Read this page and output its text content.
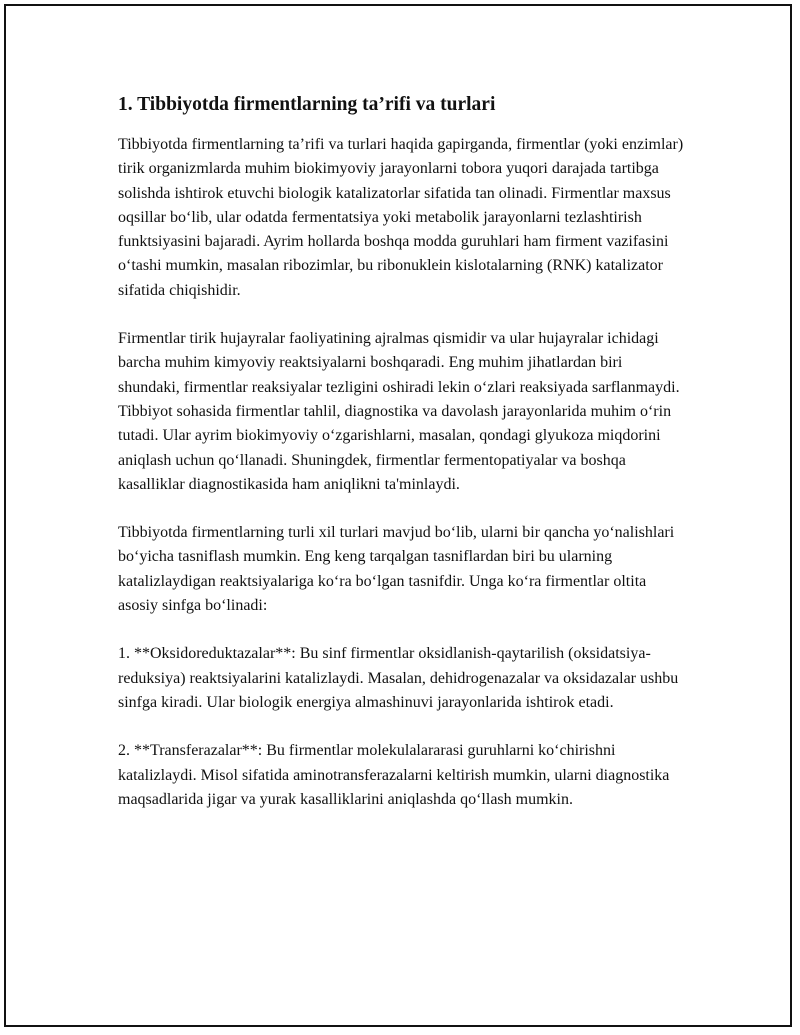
1. Tibbiyotda firmentlarning ta’rifi va turlari

Tibbiyotda firmentlarning ta’rifi va turlari haqida gapirganda, firmentlar (yoki enzimlar) tirik organizmlarda muhim biokimyoviy jarayonlarni tobora yuqori darajada tartibga solishda ishtirok etuvchi biologik katalizatorlar sifatida tan olinadi. Firmentlar maxsus oqsillar bo‘lib, ular odatda fermentatsiya yoki metabolik jarayonlarni tezlashtirish funktsiyasini bajaradi. Ayrim hollarda boshqa modda guruhlari ham firment vazifasini o‘tashi mumkin, masalan ribozimlar, bu ribonuklein kislotalarning (RNK) katalizator sifatida chiqishidir.

Firmentlar tirik hujayralar faoliyatining ajralmas qismidir va ular hujayralar ichidagi barcha muhim kimyoviy reaktsiyalarni boshqaradi. Eng muhim jihatlardan biri shundaki, firmentlar reaksiyalar tezligini oshiradi lekin o‘zlari reaksiyada sarflanmaydi. Tibbiyot sohasida firmentlar tahlil, diagnostika va davolash jarayonlarida muhim o‘rin tutadi. Ular ayrim biokimyoviy o‘zgarishlarni, masalan, qondagi glyukoza miqdorini aniqlash uchun qo‘llanadi. Shuningdek, firmentlar fermentopatiyalar va boshqa kasalliklar diagnostikasida ham aniqlikni ta'minlaydi.

Tibbiyotda firmentlarning turli xil turlari mavjud bo‘lib, ularni bir qancha yo‘nalishlari bo‘yicha tasniflash mumkin. Eng keng tarqalgan tasniflardan biri bu ularning katalizlaydigan reaktsiyalariga ko‘ra bo‘lgan tasnifdir. Unga ko‘ra firmentlar oltita asosiy sinfga bo‘linadi:

1. **Oksidoreduktazalar**: Bu sinf firmentlar oksidlanish-qaytarilish (oksidatsiya-reduksiya) reaktsiyalarini katalizlaydi. Masalan, dehidrogenazalar va oksidazalar ushbu sinfga kiradi. Ular biologik energiya almashinuvi jarayonlarida ishtirok etadi.

2. **Transferazalar**: Bu firmentlar molekulalararasi guruhlarni ko‘chirishni katalizlaydi. Misol sifatida aminotransferazalarni keltirish mumkin, ularni diagnostika maqsadlarida jigar va yurak kasalliklarini aniqlashda qo‘llash mumkin.
